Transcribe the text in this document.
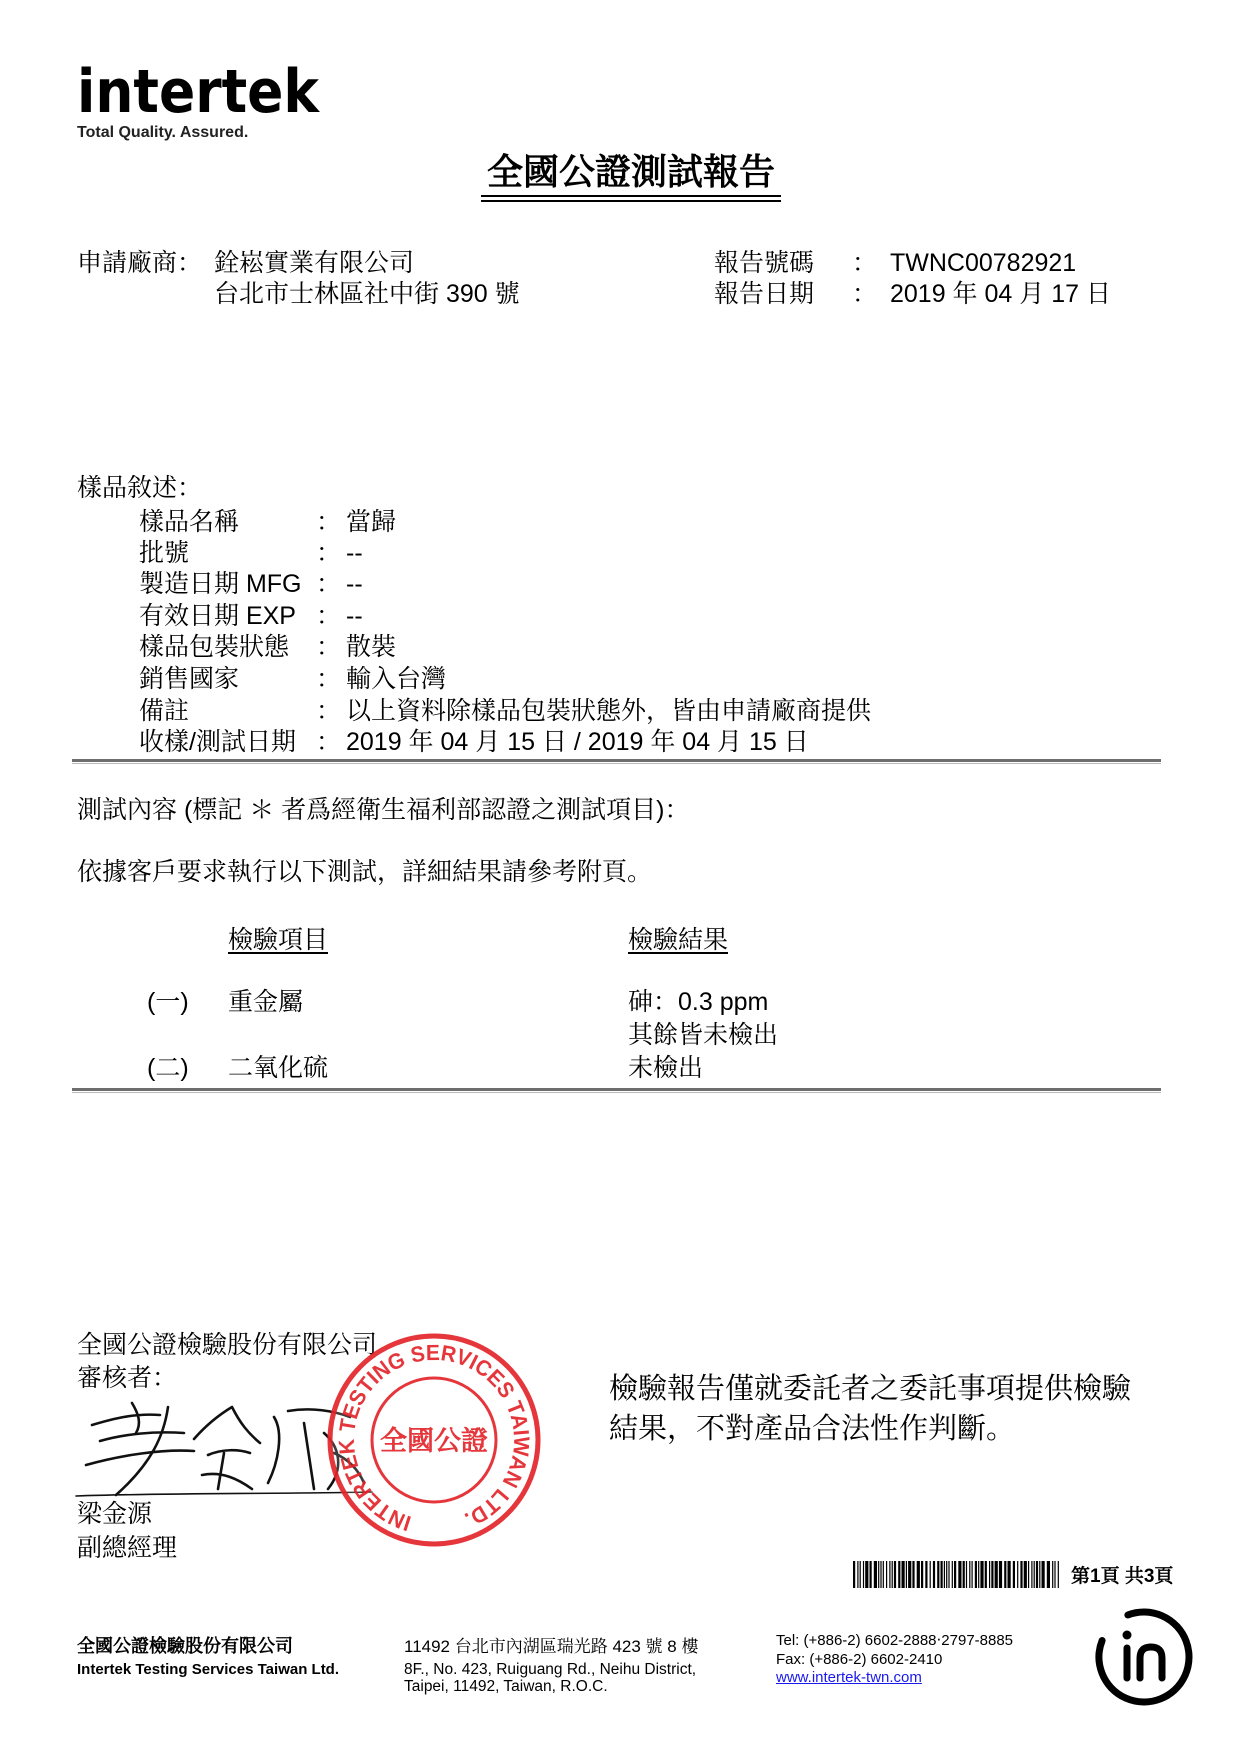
intertek
Total Quality. Assured.
全國公證測試報告
申請廠商： 銓崧實業有限公司
台北市士林區社中街 390 號
報告號碼 ： TWNC00782921
報告日期 ： 2019 年 04 月 17 日
樣品敘述：
樣品名稱	： 當歸
批號	： --
製造日期 MFG ： --
有效日期 EXP ： --
樣品包裝狀態 ： 散裝
銷售國家	： 輸入台灣
備註	： 以上資料除樣品包裝狀態外，皆由申請廠商提供
收樣/測試日期 ： 2019 年 04 月 15 日 / 2019 年 04 月 15 日
測試內容 (標記 ＊ 者爲經衛生福利部認證之測試項目)：
依據客戶要求執行以下測試，詳細結果請參考附頁。
檢驗項目	檢驗結果
(一) 重金屬	砷：0.3 ppm
其餘皆未檢出
(二) 二氧化硫	未檢出
全國公證檢驗股份有限公司
審核者：
梁金源
副總經理
INTERTEK TESTING SERVICES TAIWAN LTD.
全國公證
檢驗報告僅就委託者之委託事項提供檢驗
結果，不對產品合法性作判斷。
第1頁 共3頁
全國公證檢驗股份有限公司
Intertek Testing Services Taiwan Ltd.
11492 台北市內湖區瑞光路 423 號 8 樓
8F., No. 423, Ruiguang Rd., Neihu District,
Taipei, 11492, Taiwan, R.O.C.
Tel: (+886-2) 6602-2888‧2797-8885
Fax: (+886-2) 6602-2410
www.intertek-twn.com
